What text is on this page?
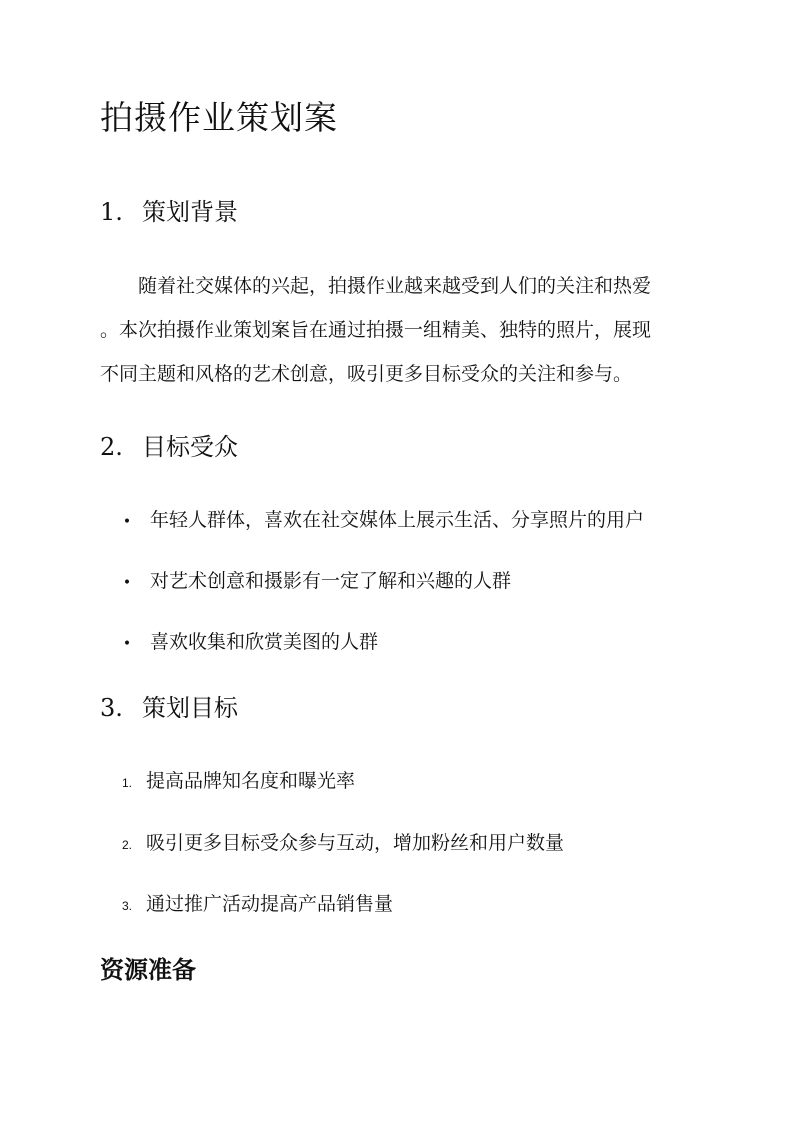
拍摄作业策划案
1. 策划背景

随着社交媒体的兴起，拍摄作业越来越受到人们的关注和热爱
。本次拍摄作业策划案旨在通过拍摄一组精美、独特的照片，展现
不同主题和风格的艺术创意，吸引更多目标受众的关注和参与。

2. 目标受众
• 年轻人群体，喜欢在社交媒体上展示生活、分享照片的用户
• 对艺术创意和摄影有一定了解和兴趣的人群
• 喜欢收集和欣赏美图的人群
3. 策划目标
1. 提高品牌知名度和曝光率
2. 吸引更多目标受众参与互动，增加粉丝和用户数量
3. 通过推广活动提高产品销售量
资源准备
